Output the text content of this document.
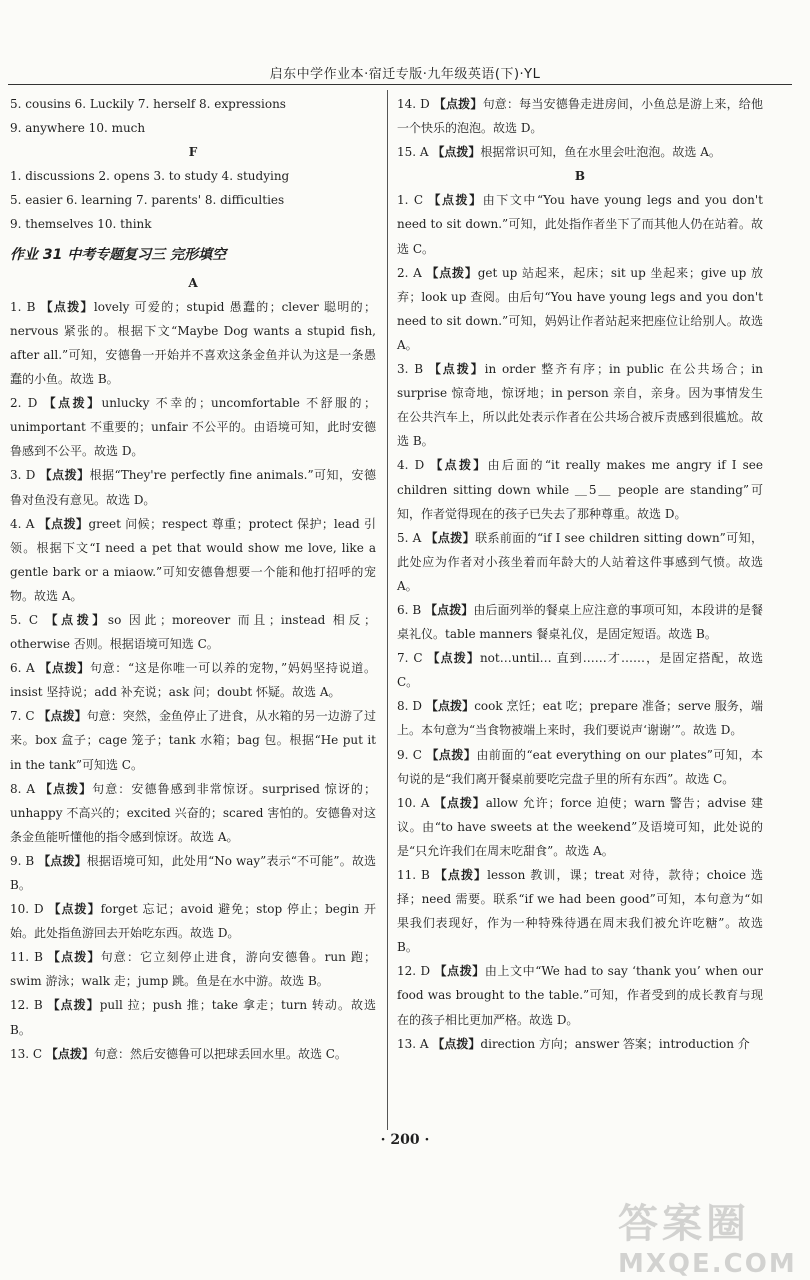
启东中学作业本·宿迁专版·九年级英语(下)·YL

5. cousins 6. Luckily 7. herself 8. expressions

9. anywhere 10. much

F

1. discussions 2. opens 3. to study 4. studying

5. easier 6. learning 7. parents' 8. difficulties

9. themselves 10. think

作业 31 中考专题复习三 完形填空

A

1. B 【点拨】lovely 可爱的；stupid 愚蠢的；clever 聪明的；nervous 紧张的。根据下文“Maybe Dog wants a stupid fish, after all.”可知，安德鲁一开始并不喜欢这条金鱼并认为这是一条愚蠢的小鱼。故选 B。

2. D 【点拨】unlucky 不幸的；uncomfortable 不舒服的；unimportant 不重要的；unfair 不公平的。由语境可知，此时安德鲁感到不公平。故选 D。

3. D 【点拨】根据“They're perfectly fine animals.”可知，安德鲁对鱼没有意见。故选 D。

4. A 【点拨】greet 问候；respect 尊重；protect 保护；lead 引领。根据下文“I need a pet that would show me love, like a gentle bark or a miaow.”可知安德鲁想要一个能和他打招呼的宠物。故选 A。

5. C 【点拨】so 因此；moreover 而且；instead 相反；otherwise 否则。根据语境可知选 C。

6. A 【点拨】句意：“这是你唯一可以养的宠物，”妈妈坚持说道。insist 坚持说；add 补充说；ask 问；doubt 怀疑。故选 A。

7. C 【点拨】句意：突然，金鱼停止了进食，从水箱的另一边游了过来。box 盒子；cage 笼子；tank 水箱；bag 包。根据“He put it in the tank”可知选 C。

8. A 【点拨】句意：安德鲁感到非常惊讶。surprised 惊讶的；unhappy 不高兴的；excited 兴奋的；scared 害怕的。安德鲁对这条金鱼能听懂他的指令感到惊讶。故选 A。

9. B 【点拨】根据语境可知，此处用“No way”表示“不可能”。故选 B。

10. D 【点拨】forget 忘记；avoid 避免；stop 停止；begin 开始。此处指鱼游回去开始吃东西。故选 D。

11. B 【点拨】句意：它立刻停止进食，游向安德鲁。run 跑；swim 游泳；walk 走；jump 跳。鱼是在水中游。故选 B。

12. B 【点拨】pull 拉；push 推；take 拿走；turn 转动。故选 B。

13. C 【点拨】句意：然后安德鲁可以把球丢回水里。故选 C。

14. D 【点拨】句意：每当安德鲁走进房间，小鱼总是游上来，给他一个快乐的泡泡。故选 D。

15. A 【点拨】根据常识可知，鱼在水里会吐泡泡。故选 A。

B

1. C 【点拨】由下文中“You have young legs and you don't need to sit down.”可知，此处指作者坐下了而其他人仍在站着。故选 C。

2. A 【点拨】get up 站起来，起床；sit up 坐起来；give up 放弃；look up 查阅。由后句“You have young legs and you don't need to sit down.”可知，妈妈让作者站起来把座位让给别人。故选 A。

3. B 【点拨】in order 整齐有序；in public 在公共场合；in surprise 惊奇地，惊讶地；in person 亲自，亲身。因为事情发生在公共汽车上，所以此处表示作者在公共场合被斥责感到很尴尬。故选 B。

4. D 【点拨】由后面的“it really makes me angry if I see children sitting down while ＿5＿ people are standing”可知，作者觉得现在的孩子已失去了那种尊重。故选 D。

5. A 【点拨】联系前面的“if I see children sitting down”可知，此处应为作者对小孩坐着而年龄大的人站着这件事感到气愤。故选 A。

6. B 【点拨】由后面列举的餐桌上应注意的事项可知，本段讲的是餐桌礼仪。table manners 餐桌礼仪，是固定短语。故选 B。

7. C 【点拨】not…until… 直到……才……，是固定搭配，故选 C。

8. D 【点拨】cook 烹饪；eat 吃；prepare 准备；serve 服务，端上。本句意为“当食物被端上来时，我们要说声‘谢谢’”。故选 D。

9. C 【点拨】由前面的“eat everything on our plates”可知，本句说的是“我们离开餐桌前要吃完盘子里的所有东西”。故选 C。

10. A 【点拨】allow 允许；force 迫使；warn 警告；advise 建议。由“to have sweets at the weekend”及语境可知，此处说的是“只允许我们在周末吃甜食”。故选 A。

11. B 【点拨】lesson 教训，课；treat 对待，款待；choice 选择；need 需要。联系“if we had been good”可知，本句意为“如果我们表现好，作为一种特殊待遇在周末我们被允许吃糖”。故选 B。

12. D 【点拨】由上文中“We had to say ‘thank you’ when our food was brought to the table.”可知，作者受到的成长教育与现在的孩子相比更加严格。故选 D。

13. A 【点拨】direction 方向；answer 答案；introduction 介

· 200 ·
答案圈
MXQE.COM
